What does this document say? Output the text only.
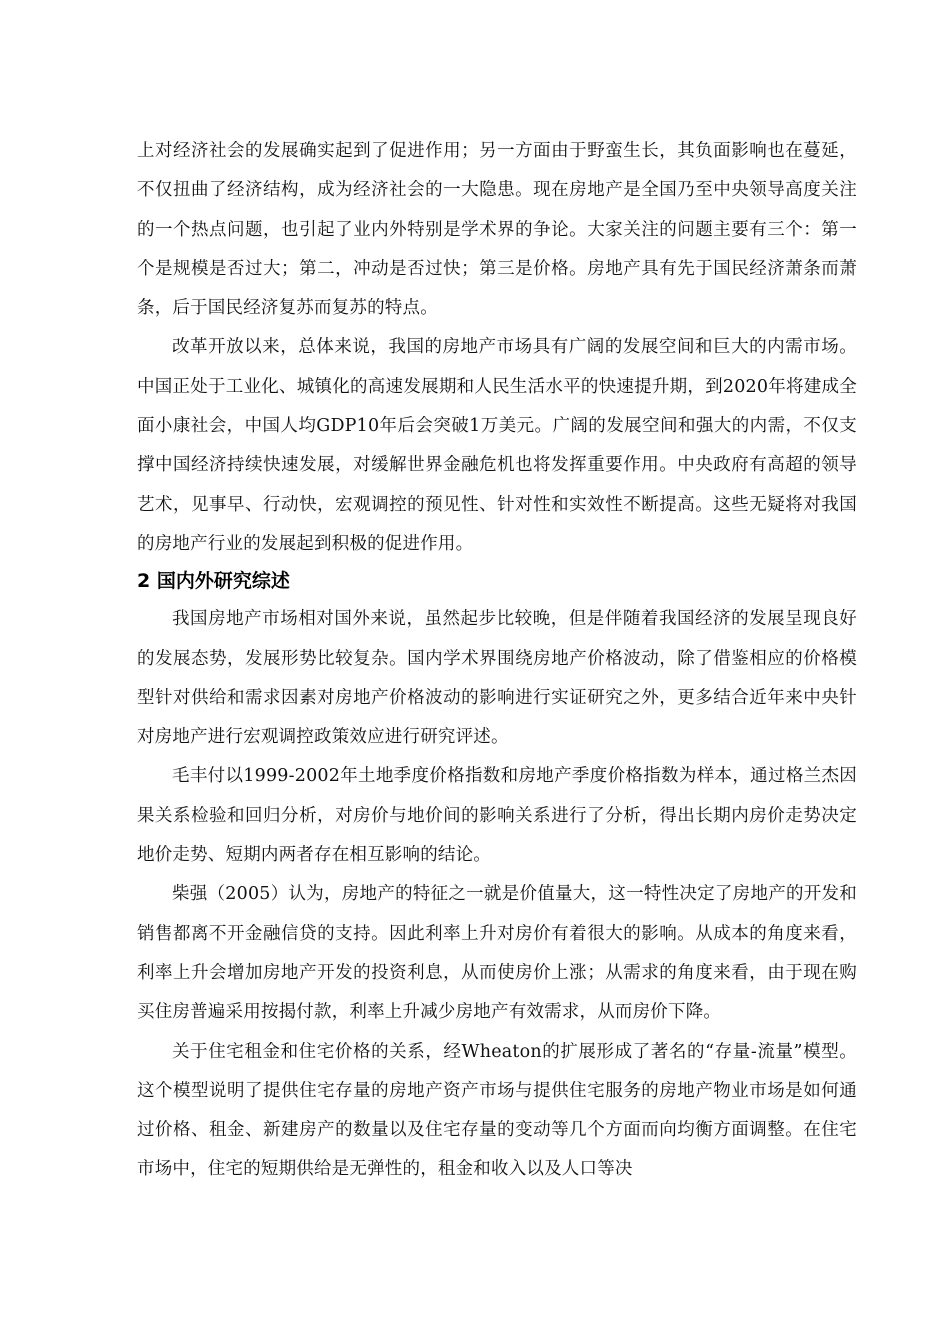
上对经济社会的发展确实起到了促进作用；另一方面由于野蛮生长，其负面影响也在蔓延，不仅扭曲了经济结构，成为经济社会的一大隐患。现在房地产是全国乃至中央领导高度关注的一个热点问题，也引起了业内外特别是学术界的争论。大家关注的问题主要有三个：第一个是规模是否过大；第二，冲动是否过快；第三是价格。房地产具有先于国民经济萧条而萧条，后于国民经济复苏而复苏的特点。

改革开放以来，总体来说，我国的房地产市场具有广阔的发展空间和巨大的内需市场。中国正处于工业化、城镇化的高速发展期和人民生活水平的快速提升期，到2020年将建成全面小康社会，中国人均GDP10年后会突破1万美元。广阔的发展空间和强大的内需，不仅支撑中国经济持续快速发展，对缓解世界金融危机也将发挥重要作用。中央政府有高超的领导艺术，见事早、行动快，宏观调控的预见性、针对性和实效性不断提高。这些无疑将对我国的房地产行业的发展起到积极的促进作用。

2 国内外研究综述

我国房地产市场相对国外来说，虽然起步比较晚，但是伴随着我国经济的发展呈现良好的发展态势，发展形势比较复杂。国内学术界围绕房地产价格波动，除了借鉴相应的价格模型针对供给和需求因素对房地产价格波动的影响进行实证研究之外，更多结合近年来中央针对房地产进行宏观调控政策效应进行研究评述。

毛丰付以1999-2002年土地季度价格指数和房地产季度价格指数为样本，通过格兰杰因果关系检验和回归分析，对房价与地价间的影响关系进行了分析，得出长期内房价走势决定地价走势、短期内两者存在相互影响的结论。

柴强（2005）认为，房地产的特征之一就是价值量大，这一特性决定了房地产的开发和销售都离不开金融信贷的支持。因此利率上升对房价有着很大的影响。从成本的角度来看，利率上升会增加房地产开发的投资利息，从而使房价上涨；从需求的角度来看，由于现在购买住房普遍采用按揭付款，利率上升减少房地产有效需求，从而房价下降。

关于住宅租金和住宅价格的关系，经Wheaton的扩展形成了著名的“存量-流量”模型。这个模型说明了提供住宅存量的房地产资产市场与提供住宅服务的房地产物业市场是如何通过价格、租金、新建房产的数量以及住宅存量的变动等几个方面而向均衡方面调整。在住宅市场中，住宅的短期供给是无弹性的，租金和收入以及人口等决
